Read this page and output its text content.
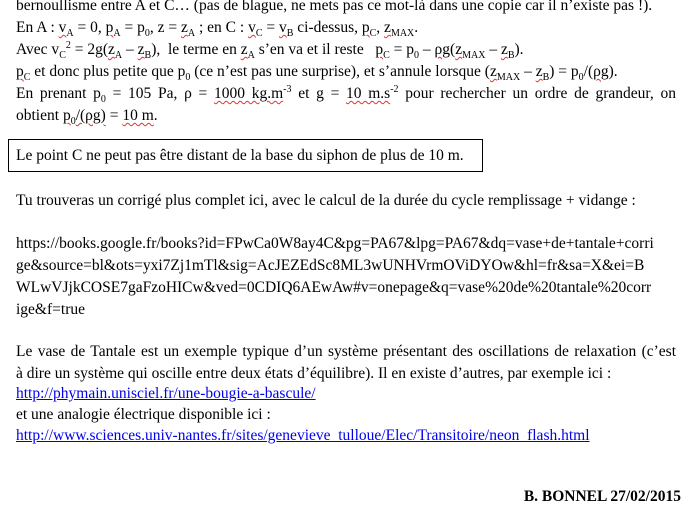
bernoullisme entre A et C… (pas de blague, ne mets pas ce mot-là dans une copie car il n’existe pas !).
En A : $v_A = 0$, $p_A = p_0$, $z = z_A$ ; en C : $v_C = v_B$ ci-dessus, $p_C$, $z_{MAX}$.
Avec $v_C^2 = 2g(z_A - z_B)$,  le terme en $z_A$ s’en va et il reste   $p_C = p_0 - \rho g(z_{MAX} - z_B)$.
$p_C$ et donc plus petite que $p_0$ (ce n’est pas une surprise), et s’annule lorsque $(z_{MAX} - z_B) = p_0/(\rho g)$.
En prenant $p_0 = 105$ Pa, ρ = 1000 $kg.m^{-3}$ et g = 10 $m.s^{-2}$ pour rechercher un ordre de grandeur, on
obtient $p_0/(\rho g) = 10$ m.
Le point C ne peut pas être distant de la base du siphon de plus de 10 m.
Tu trouveras un corrigé plus complet ici, avec le calcul de la durée du cycle remplissage + vidange :
https://books.google.fr/books?id=FPwCa0W8ay4C&pg=PA67&lpg=PA67&dq=vase+de+tantale+corri
ge&source=bl&ots=yxi7Zj1mTl&sig=AcJEZEdSc8ML3wUNHVrmOViDYOw&hl=fr&sa=X&ei=B
WLwVJjkCOSE7gaFzoHICw&ved=0CDIQ6AEwAw#v=onepage&q=vase%20de%20tantale%20corr
ige&f=true
Le vase de Tantale est un exemple typique d’un système présentant des oscillations de relaxation (c’est
à dire un système qui oscille entre deux états d’équilibre). Il en existe d’autres, par exemple ici :
http://phymain.unisciel.fr/une-bougie-a-bascule/
et une analogie électrique disponible ici :
http://www.sciences.univ-nantes.fr/sites/genevieve_tulloue/Elec/Transitoire/neon_flash.html
B. BONNEL 27/02/2015
